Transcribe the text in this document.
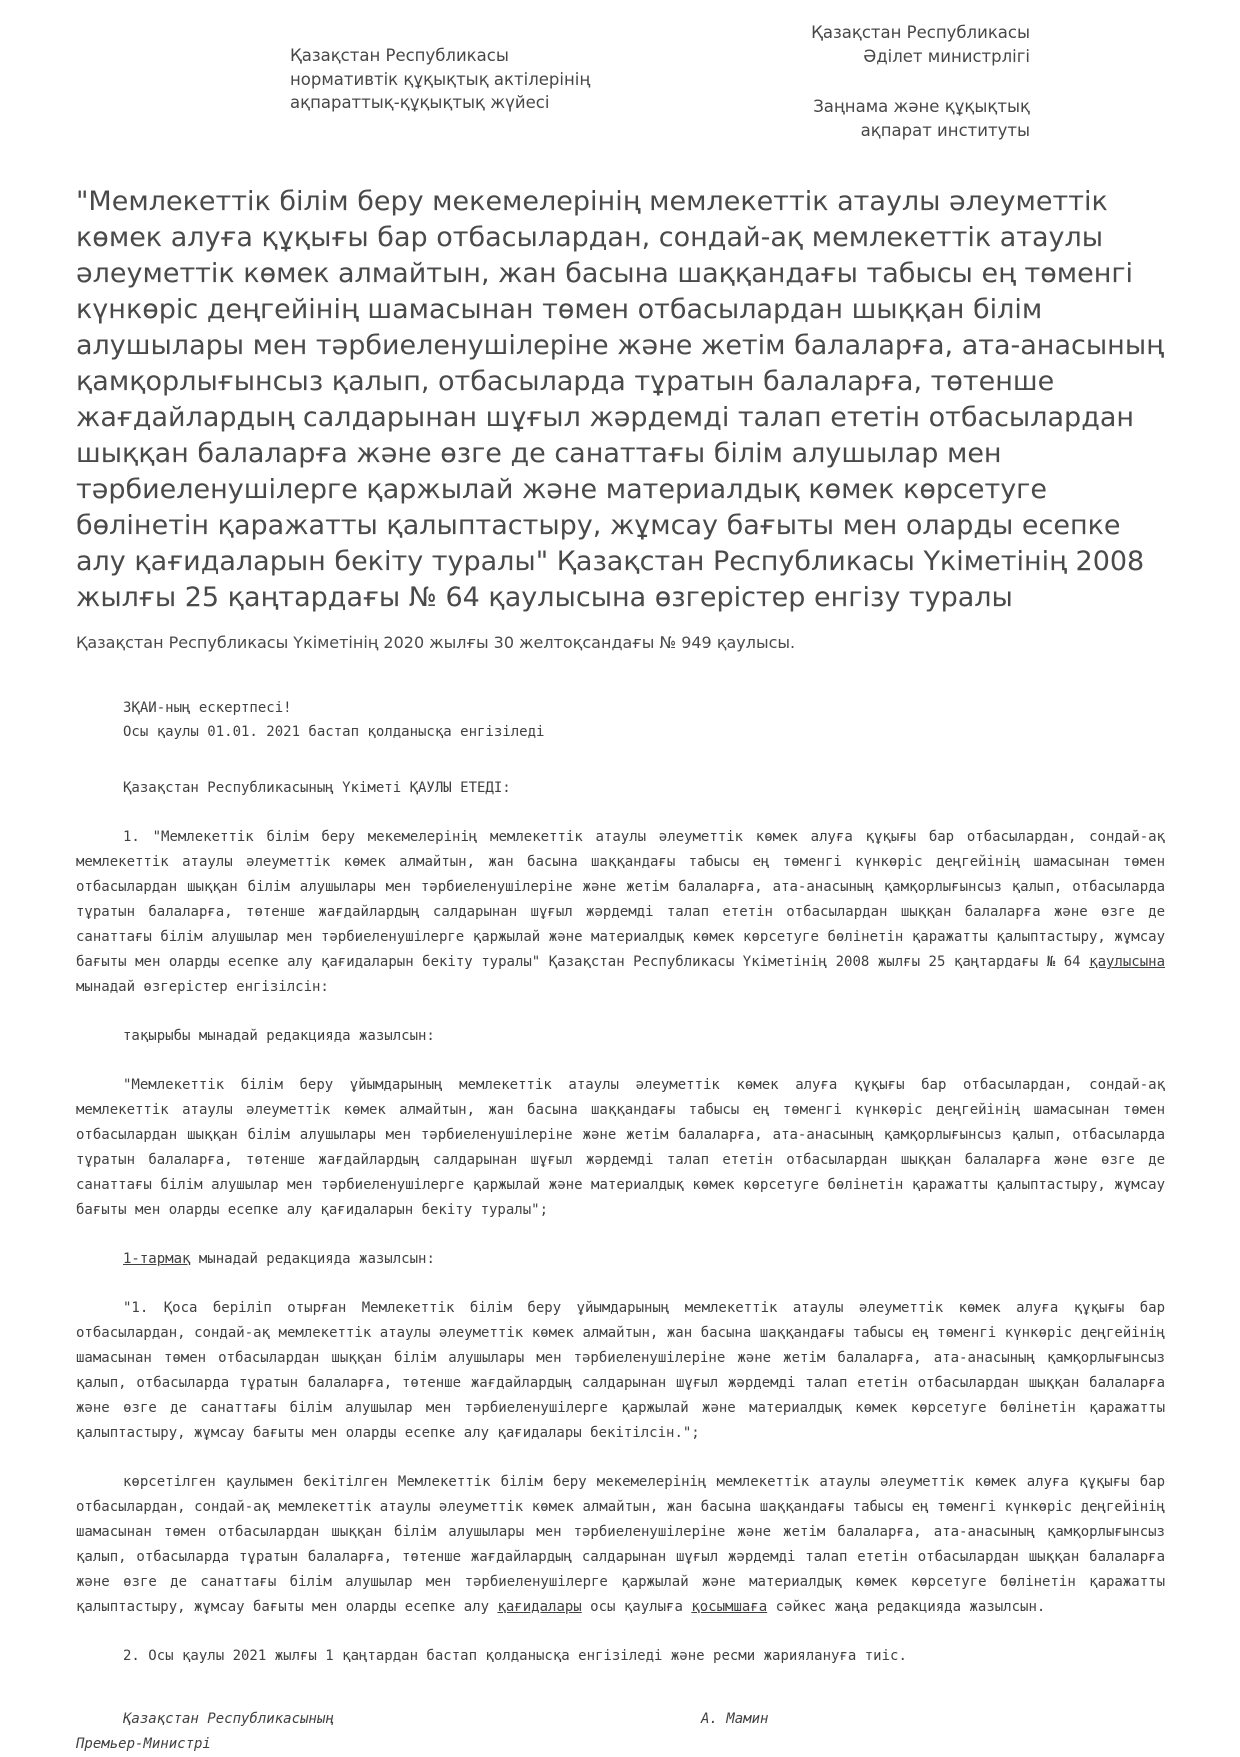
Қазақстан Республикасы
нормативтік құқықтық актілерінің
ақпараттық-құқықтық жүйесі
Қазақстан Республикасы
Әділет министрлігі
Заңнама және құқықтық
ақпарат институты
"Мемлекеттік білім беру мекемелерінің мемлекеттік атаулы әлеуметтік көмек алуға құқығы бар отбасылардан, сондай-ақ мемлекеттік атаулы әлеуметтік көмек алмайтын, жан басына шаққандағы табысы ең төменгі күнкөріс деңгейінің шамасынан төмен отбасылардан шыққан білім алушылары мен тәрбиеленушілеріне және жетім балаларға, ата-анасының қамқорлығынсыз қалып, отбасыларда тұратын балаларға, төтенше жағдайлардың салдарынан шұғыл жәрдемді талап ететін отбасылардан шыққан балаларға және өзге де санаттағы білім алушылар мен тәрбиеленушілерге қаржылай және материалдық көмек көрсетуге бөлінетін қаражатты қалыптастыру, жұмсау бағыты мен оларды есепке алу қағидаларын бекіту туралы" Қазақстан Республикасы Үкіметінің 2008 жылғы 25 қаңтардағы № 64 қаулысына өзгерістер енгізу туралы
Қазақстан Республикасы Үкіметінің 2020 жылғы 30 желтоқсандағы № 949 қаулысы.
ЗҚАИ-ның ескертпесі!
Осы қаулы 01.01. 2021 бастап қолданысқа енгізіледі

Қазақстан Республикасының Үкіметі ҚАУЛЫ ЕТЕДІ:

1. "Мемлекеттік білім беру мекемелерінің мемлекеттік атаулы әлеуметтік көмек алуға құқығы бар отбасылардан, сондай-ақ мемлекеттік атаулы әлеуметтік көмек алмайтын, жан басына шаққандағы табысы ең төменгі күнкөріс деңгейінің шамасынан төмен отбасылардан шыққан білім алушылары мен тәрбиеленушілеріне және жетім балаларға, ата-анасының қамқорлығынсыз қалып, отбасыларда тұратын балаларға, төтенше жағдайлардың салдарынан шұғыл жәрдемді талап ететін отбасылардан шыққан балаларға және өзге де санаттағы білім алушылар мен тәрбиеленушілерге қаржылай және материалдық көмек көрсетуге бөлінетін қаражатты қалыптастыру, жұмсау бағыты мен оларды есепке алу қағидаларын бекіту туралы" Қазақстан Республикасы Үкіметінің 2008 жылғы 25 қаңтардағы № 64 қаулысына мынадай өзгерістер енгізілсін:

тақырыбы мынадай редакцияда жазылсын:

"Мемлекеттік білім беру ұйымдарының мемлекеттік атаулы әлеуметтік көмек алуға құқығы бар отбасылардан, сондай-ақ мемлекеттік атаулы әлеуметтік көмек алмайтын, жан басына шаққандағы табысы ең төменгі күнкөріс деңгейінің шамасынан төмен отбасылардан шыққан білім алушылары мен тәрбиеленушілеріне және жетім балаларға, ата-анасының қамқорлығынсыз қалып, отбасыларда тұратын балаларға, төтенше жағдайлардың салдарынан шұғыл жәрдемді талап ететін отбасылардан шыққан балаларға және өзге де санаттағы білім алушылар мен тәрбиеленушілерге қаржылай және материалдық көмек көрсетуге бөлінетін қаражатты қалыптастыру, жұмсау бағыты мен оларды есепке алу қағидаларын бекіту туралы";

1-тармақ мынадай редакцияда жазылсын:

"1. Қоса беріліп отырған Мемлекеттік білім беру ұйымдарының мемлекеттік атаулы әлеуметтік көмек алуға құқығы бар отбасылардан, сондай-ақ мемлекеттік атаулы әлеуметтік көмек алмайтын, жан басына шаққандағы табысы ең төменгі күнкөріс деңгейінің шамасынан төмен отбасылардан шыққан білім алушылары мен тәрбиеленушілеріне және жетім балаларға, ата-анасының қамқорлығынсыз қалып, отбасыларда тұратын балаларға, төтенше жағдайлардың салдарынан шұғыл жәрдемді талап ететін отбасылардан шыққан балаларға және өзге де санаттағы білім алушылар мен тәрбиеленушілерге қаржылай және материалдық көмек көрсетуге бөлінетін қаражатты қалыптастыру, жұмсау бағыты мен оларды есепке алу қағидалары бекітілсін.";

көрсетілген қаулымен бекітілген Мемлекеттік білім беру мекемелерінің мемлекеттік атаулы әлеуметтік көмек алуға құқығы бар отбасылардан, сондай-ақ мемлекеттік атаулы әлеуметтік көмек алмайтын, жан басына шаққандағы табысы ең төменгі күнкөріс деңгейінің шамасынан төмен отбасылардан шыққан білім алушылары мен тәрбиеленушілеріне және жетім балаларға, ата-анасының қамқорлығынсыз қалып, отбасыларда тұратын балаларға, төтенше жағдайлардың салдарынан шұғыл жәрдемді талап ететін отбасылардан шыққан балаларға және өзге де санаттағы білім алушылар мен тәрбиеленушілерге қаржылай және материалдық көмек көрсетуге бөлінетін қаражатты қалыптастыру, жұмсау бағыты мен оларды есепке алу қағидалары осы қаулыға қосымшаға сәйкес жаңа редакцияда жазылсын.

2. Осы қаулы 2021 жылғы 1 қаңтардан бастап қолданысқа енгізіледі және ресми жариялануға тиіс.

Қазақстан Республикасының	А. Мамин
Премьер-Министрі
